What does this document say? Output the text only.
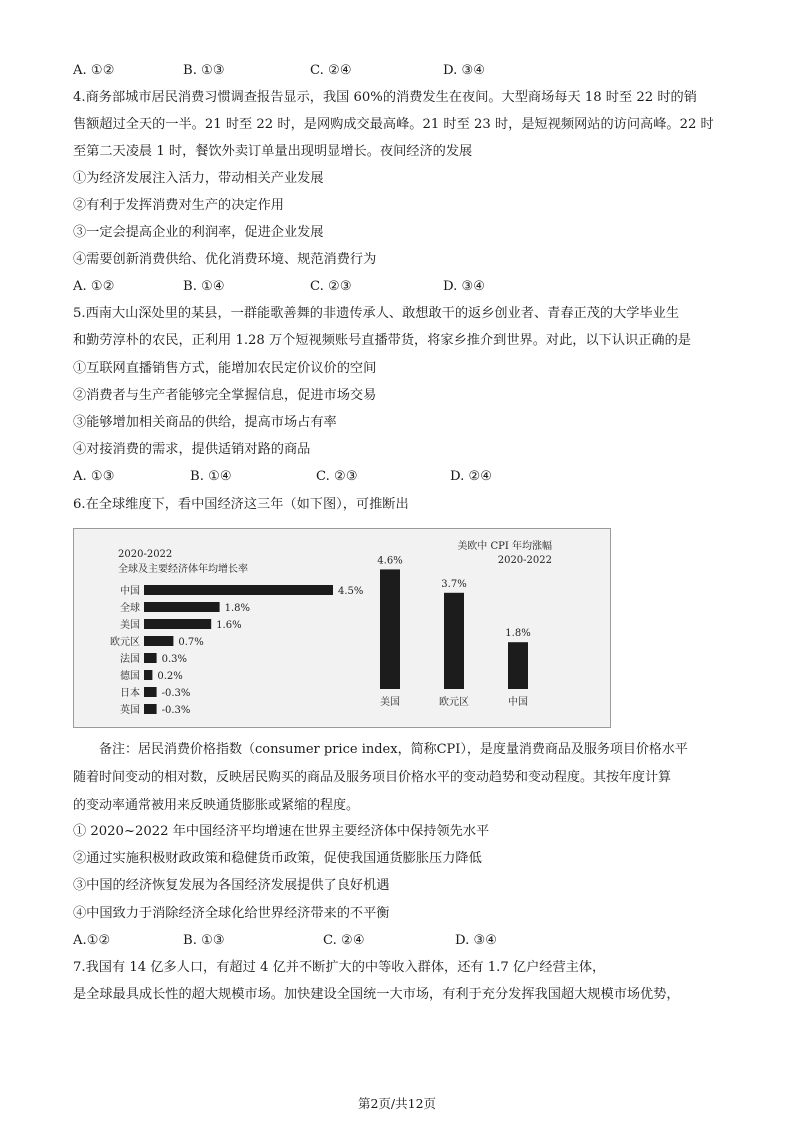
A. ①②	B. ①③	C. ②④	D. ③④
4.商务部城市居民消费习惯调查报告显示，我国 60%的消费发生在夜间。大型商场每天 18 时至 22 时的销
售额超过全天的一半。21 时至 22 时，是网购成交最高峰。21 时至 23 时，是短视频网站的访问高峰。22 时
至第二天凌晨 1 时，餐饮外卖订单量出现明显增长。夜间经济的发展
①为经济发展注入活力，带动相关产业发展
②有利于发挥消费对生产的决定作用
③一定会提高企业的利润率，促进企业发展
④需要创新消费供给、优化消费环境、规范消费行为
A. ①②	B. ①④	C. ②③	D. ③④
5.西南大山深处里的某县，一群能歌善舞的非遗传承人、敢想敢干的返乡创业者、青春正茂的大学毕业生
和勤劳淳朴的农民，正利用 1.28 万个短视频账号直播带货，将家乡推介到世界。对此，以下认识正确的是
①互联网直播销售方式，能增加农民定价议价的空间
②消费者与生产者能够完全掌握信息，促进市场交易
③能够增加相关商品的供给，提高市场占有率
④对接消费的需求，提供适销对路的商品
A. ①③	B. ①④	C. ②③	D. ②④
6.在全球维度下，看中国经济这三年（如下图），可推断出
2020-2022
全球及主要经济体年均增长率
中国	4.5%
全球	1.8%
美国	1.6%
欧元区	0.7%
法国 0.3%
德国 0.2%
日本 -0.3%
英国 -0.3%
美欧中 CPI 年均涨幅
2020-2022
4.6%
美国
3.7%
欧元区
1.8%
中国
备注：居民消费价格指数（consumer price index，简称CPI），是度量消费商品及服务项目价格水平
随着时间变动的相对数，反映居民购买的商品及服务项目价格水平的变动趋势和变动程度。其按年度计算
的变动率通常被用来反映通货膨胀或紧缩的程度。
① 2020~2022 年中国经济平均增速在世界主要经济体中保持领先水平
②通过实施积极财政政策和稳健货币政策，促使我国通货膨胀压力降低
③中国的经济恢复发展为各国经济发展提供了良好机遇
④中国致力于消除经济全球化给世界经济带来的不平衡
A.①②	B. ①③	C. ②④	D. ③④
7.我国有 14 亿多人口，有超过 4 亿并不断扩大的中等收入群体，还有 1.7 亿户经营主体，
是全球最具成长性的超大规模市场。加快建设全国统一大市场，有利于充分发挥我国超大规模市场优势，
第2页/共12页
